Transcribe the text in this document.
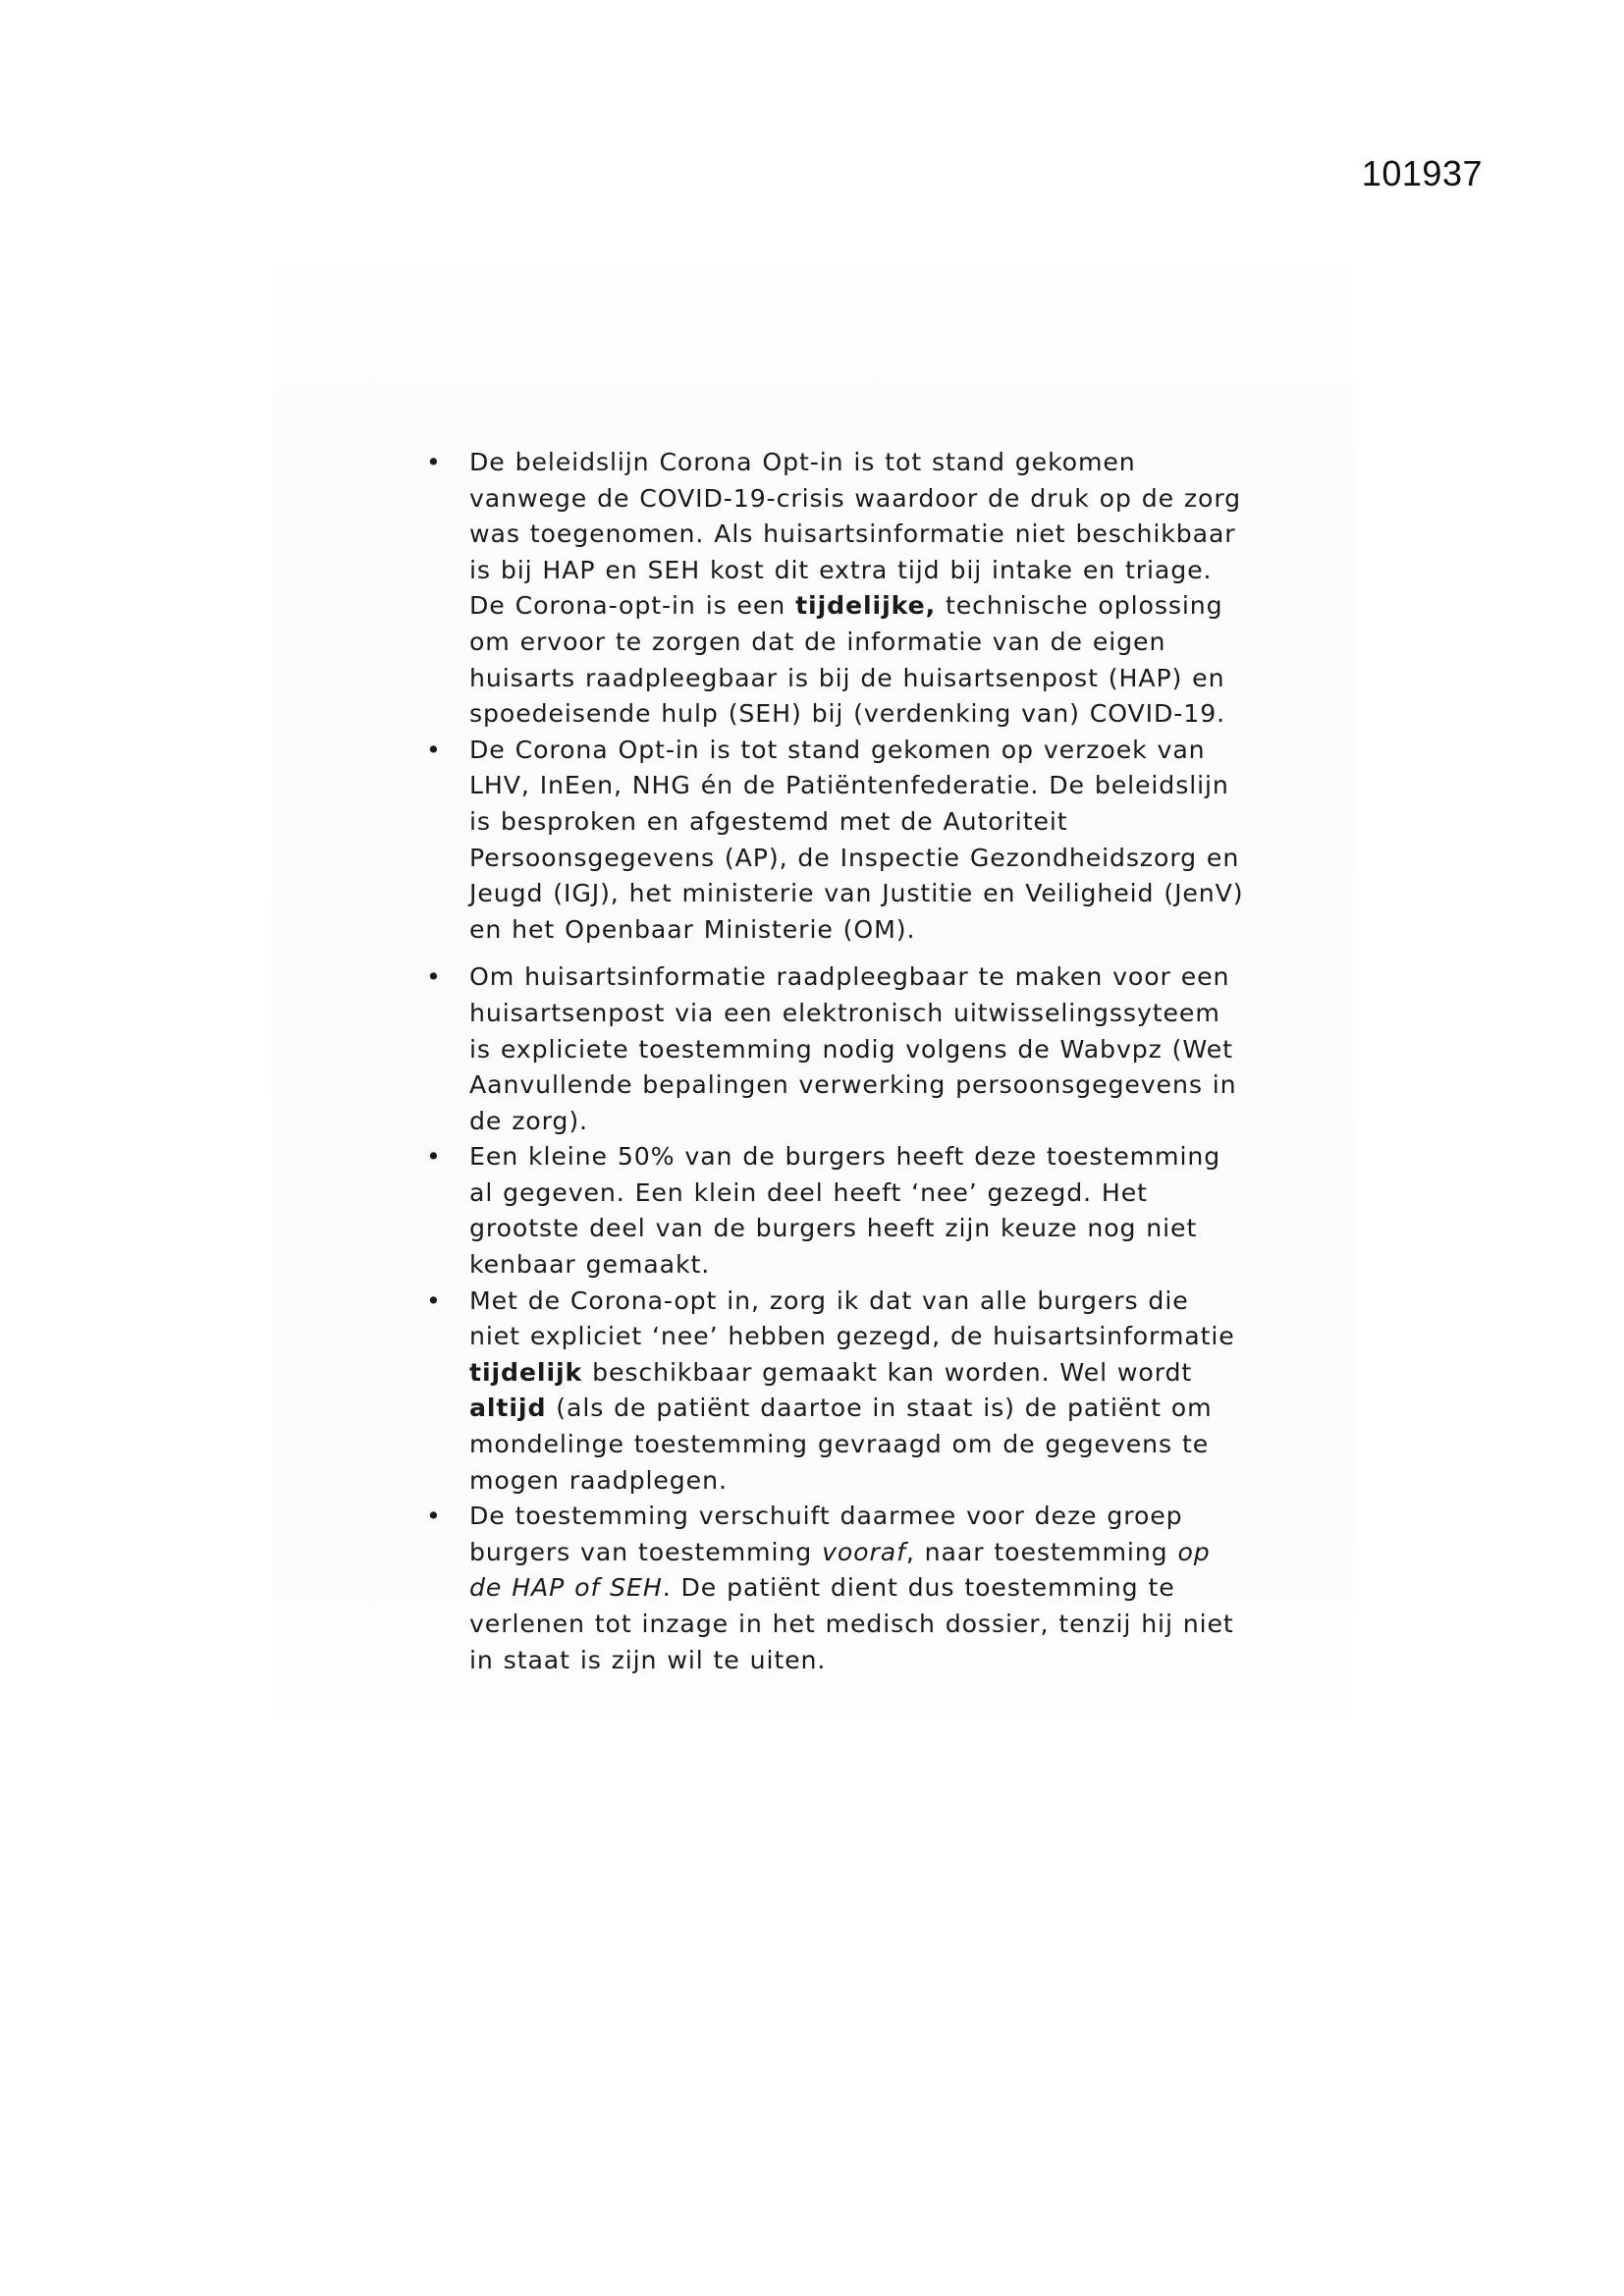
101937
• De beleidslijn Corona Opt-in is tot stand gekomen vanwege de COVID-19-crisis waardoor de druk op de zorg was toegenomen. Als huisartsinformatie niet beschikbaar is bij HAP en SEH kost dit extra tijd bij intake en triage. De Corona-opt-in is een tijdelijke, technische oplossing om ervoor te zorgen dat de informatie van de eigen huisarts raadpleegbaar is bij de huisartsenpost (HAP) en spoedeisende hulp (SEH) bij (verdenking van) COVID-19.
• De Corona Opt-in is tot stand gekomen op verzoek van LHV, InEen, NHG én de Patiëntenfederatie. De beleidslijn is besproken en afgestemd met de Autoriteit Persoonsgegevens (AP), de Inspectie Gezondheidszorg en Jeugd (IGJ), het ministerie van Justitie en Veiligheid (JenV) en het Openbaar Ministerie (OM).
• Om huisartsinformatie raadpleegbaar te maken voor een huisartsenpost via een elektronisch uitwisselingssyteem is expliciete toestemming nodig volgens de Wabvpz (Wet Aanvullende bepalingen verwerking persoonsgegevens in de zorg).
• Een kleine 50% van de burgers heeft deze toestemming al gegeven. Een klein deel heeft ‘nee’ gezegd. Het grootste deel van de burgers heeft zijn keuze nog niet kenbaar gemaakt.
• Met de Corona-opt in, zorg ik dat van alle burgers die niet expliciet ‘nee’ hebben gezegd, de huisartsinformatie tijdelijk beschikbaar gemaakt kan worden. Wel wordt altijd (als de patiënt daartoe in staat is) de patiënt om mondelinge toestemming gevraagd om de gegevens te mogen raadplegen.
• De toestemming verschuift daarmee voor deze groep burgers van toestemming vooraf, naar toestemming op de HAP of SEH. De patiënt dient dus toestemming te verlenen tot inzage in het medisch dossier, tenzij hij niet in staat is zijn wil te uiten.
